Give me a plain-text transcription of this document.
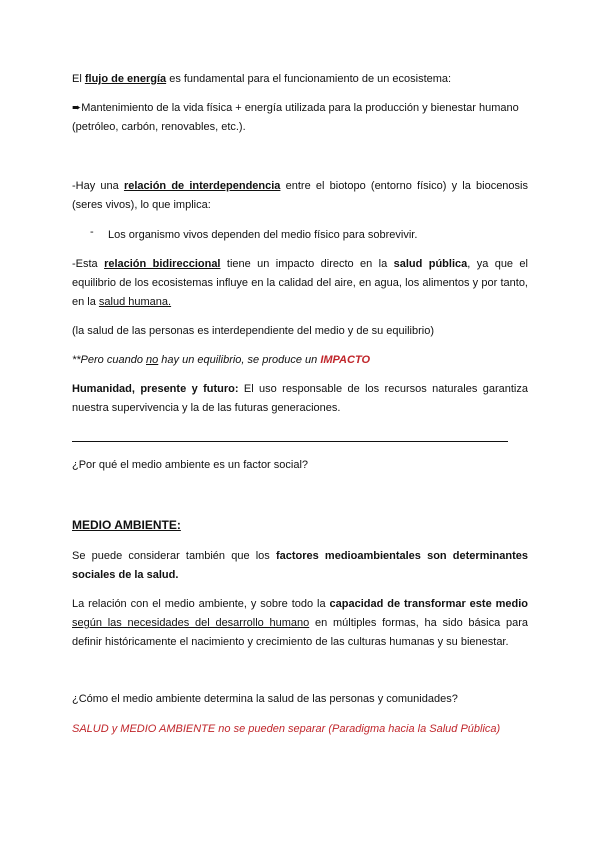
El flujo de energía es fundamental para el funcionamiento de un ecosistema:

➨Mantenimiento de la vida física + energía utilizada para la producción y bienestar humano (petróleo, carbón, renovables, etc.).

-Hay una relación de interdependencia entre el biotopo (entorno físico) y la biocenosis (seres vivos), lo que implica:

- Los organismo vivos dependen del medio físico para sobrevivir.

-Esta relación bidireccional tiene un impacto directo en la salud pública, ya que el equilibrio de los ecosistemas influye en la calidad del aire, en agua, los alimentos y por tanto, en la salud humana.

(la salud de las personas es interdependiente del medio y de su equilibrio)

**Pero cuando no hay un equilibrio, se produce un IMPACTO

Humanidad, presente y futuro: El uso responsable de los recursos naturales garantiza nuestra supervivencia y la de las futuras generaciones.

¿Por qué el medio ambiente es un factor social?

MEDIO AMBIENTE:

Se puede considerar también que los factores medioambientales son determinantes sociales de la salud.

La relación con el medio ambiente, y sobre todo la capacidad de transformar este medio según las necesidades del desarrollo humano en múltiples formas, ha sido básica para definir históricamente el nacimiento y crecimiento de las culturas humanas y su bienestar.

¿Cómo el medio ambiente determina la salud de las personas y comunidades?

SALUD y MEDIO AMBIENTE no se pueden separar (Paradigma hacia la Salud Pública)
